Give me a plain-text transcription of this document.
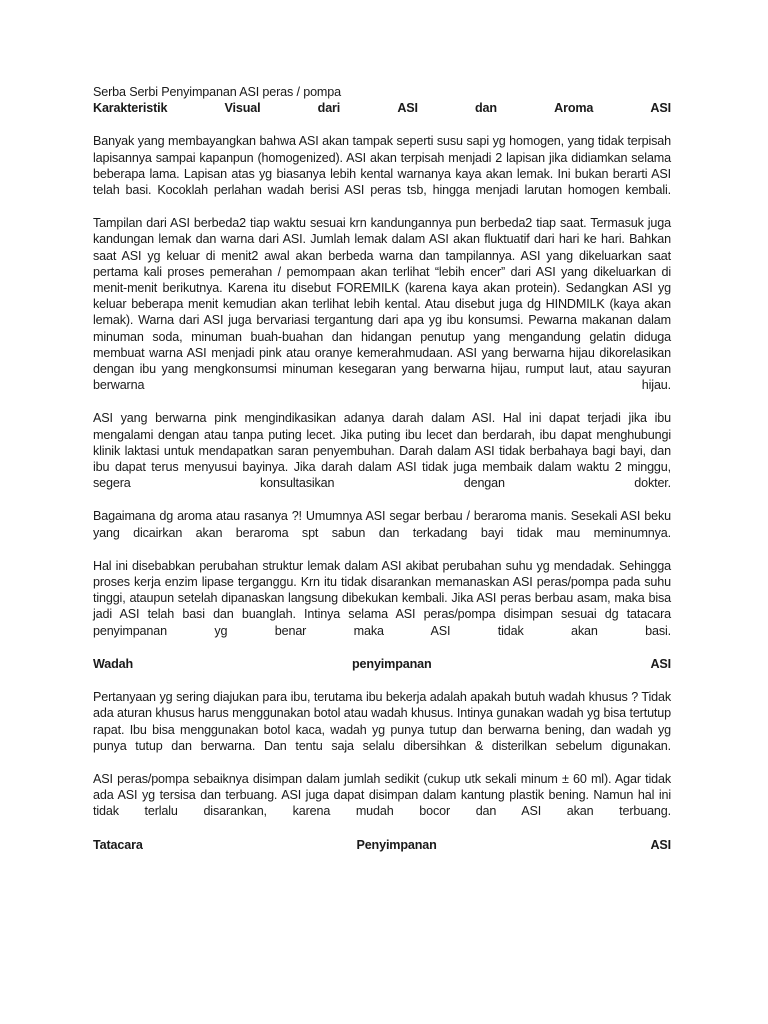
Serba Serbi Penyimpanan ASI peras / pompa
Karakteristik	Visual	dari	ASI	dan	Aroma	ASI

Banyak yang membayangkan bahwa ASI akan tampak seperti susu sapi yg homogen, yang tidak terpisah lapisannya sampai kapanpun (homogenized). ASI akan terpisah menjadi 2 lapisan jika didiamkan selama beberapa lama. Lapisan atas yg biasanya lebih kental warnanya kaya akan lemak. Ini bukan berarti ASI telah basi. Kocoklah perlahan wadah berisi ASI peras tsb, hingga menjadi larutan homogen kembali.

Tampilan dari ASI berbeda2 tiap waktu sesuai krn kandungannya pun berbeda2 tiap saat. Termasuk juga kandungan lemak dan warna dari ASI. Jumlah lemak dalam ASI akan fluktuatif dari hari ke hari. Bahkan saat ASI yg keluar di menit2 awal akan berbeda warna dan tampilannya. ASI yang dikeluarkan saat pertama kali proses pemerahan / pemompaan akan terlihat “lebih encer” dari ASI yang dikeluarkan di menit-menit berikutnya. Karena itu disebut FOREMILK (karena kaya akan protein). Sedangkan ASI yg keluar beberapa menit kemudian akan terlihat lebih kental. Atau disebut juga dg HINDMILK (kaya akan lemak). Warna dari ASI juga bervariasi tergantung dari apa yg ibu konsumsi. Pewarna makanan dalam minuman soda, minuman buah-buahan dan hidangan penutup yang mengandung gelatin diduga membuat warna ASI menjadi pink atau oranye kemerahmudaan. ASI yang berwarna hijau dikorelasikan dengan ibu yang mengkonsumsi minuman kesegaran yang berwarna hijau, rumput laut, atau sayuran berwarna hijau.

ASI yang berwarna pink mengindikasikan adanya darah dalam ASI. Hal ini dapat terjadi jika ibu mengalami dengan atau tanpa puting lecet. Jika puting ibu lecet dan berdarah, ibu dapat menghubungi klinik laktasi untuk mendapatkan saran penyembuhan. Darah dalam ASI tidak berbahaya bagi bayi, dan ibu dapat terus menyusui bayinya. Jika darah dalam ASI tidak juga membaik dalam waktu 2 minggu, segera konsultasikan dengan dokter.

Bagaimana dg aroma atau rasanya ?! Umumnya ASI segar berbau / beraroma manis. Sesekali ASI beku yang dicairkan akan beraroma spt sabun dan terkadang bayi tidak mau meminumnya.

Hal ini disebabkan perubahan struktur lemak dalam ASI akibat perubahan suhu yg mendadak. Sehingga proses kerja enzim lipase terganggu. Krn itu tidak disarankan memanaskan ASI peras/pompa pada suhu tinggi, ataupun setelah dipanaskan langsung dibekukan kembali. Jika ASI peras berbau asam, maka bisa jadi ASI telah basi dan buanglah. Intinya selama ASI peras/pompa disimpan sesuai dg tatacara penyimpanan yg benar maka ASI tidak akan basi.

Wadah	penyimpanan	ASI

Pertanyaan yg sering diajukan para ibu, terutama ibu bekerja adalah apakah butuh wadah khusus ? Tidak ada aturan khusus harus menggunakan botol atau wadah khusus. Intinya gunakan wadah yg bisa tertutup rapat. Ibu bisa menggunakan botol kaca, wadah yg punya tutup dan berwarna bening, dan wadah yg punya tutup dan berwarna. Dan tentu saja selalu dibersihkan & disterilkan sebelum digunakan.

ASI peras/pompa sebaiknya disimpan dalam jumlah sedikit (cukup utk sekali minum ± 60 ml). Agar tidak ada ASI yg tersisa dan terbuang. ASI juga dapat disimpan dalam kantung plastik bening. Namun hal ini tidak terlalu disarankan, karena mudah bocor dan ASI akan terbuang.

Tatacara	Penyimpanan	ASI
